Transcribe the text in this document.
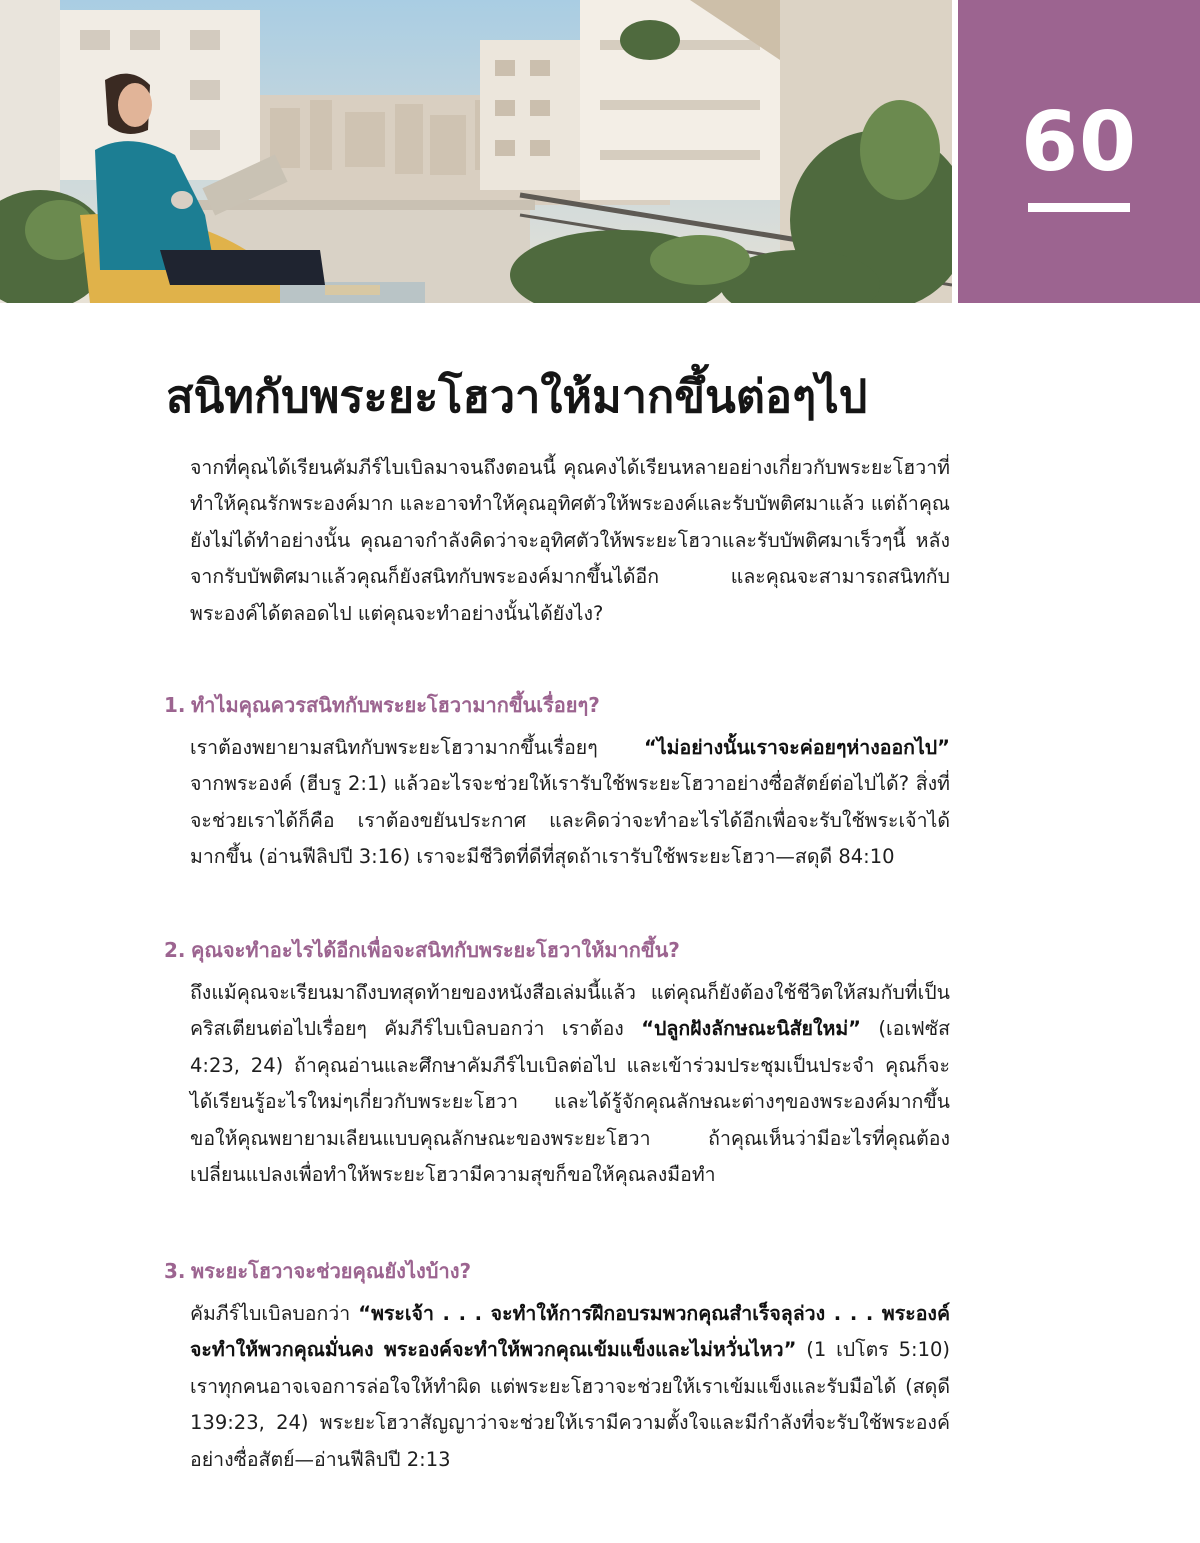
60
สนิทกับพระยะโฮวาให้มากขึ้นต่อๆไป

จากที่คุณได้เรียนคัมภีร์ไบเบิลมาจนถึงตอนนี้ คุณคงได้เรียนหลายอย่างเกี่ยวกับพระยะโฮวาที่ทำให้คุณรักพระองค์มาก และอาจทำให้คุณอุทิศตัวให้พระองค์และรับบัพติศมาแล้ว แต่ถ้าคุณยังไม่ได้ทำอย่างนั้น คุณอาจกำลังคิดว่าจะอุทิศตัวให้พระยะโฮวาและรับบัพติศมาเร็วๆนี้ หลังจากรับบัพติศมาแล้วคุณก็ยังสนิทกับพระองค์มากขึ้นได้อีก และคุณจะสามารถสนิทกับพระองค์ได้ตลอดไป แต่คุณจะทำอย่างนั้นได้ยังไง?

1. ทำไมคุณควรสนิทกับพระยะโฮวามากขึ้นเรื่อยๆ?

เราต้องพยายามสนิทกับพระยะโฮวามากขึ้นเรื่อยๆ “ไม่อย่างนั้นเราจะค่อยๆห่างออกไป” จากพระองค์ (ฮีบรู 2:1) แล้วอะไรจะช่วยให้เรารับใช้พระยะโฮวาอย่างซื่อสัตย์ต่อไปได้? สิ่งที่จะช่วยเราได้ก็คือ เราต้องขยันประกาศ และคิดว่าจะทำอะไรได้อีกเพื่อจะรับใช้พระเจ้าได้มากขึ้น (อ่านฟีลิปปี 3:16) เราจะมีชีวิตที่ดีที่สุดถ้าเรารับใช้พระยะโฮวา—สดุดี 84:10

2. คุณจะทำอะไรได้อีกเพื่อจะสนิทกับพระยะโฮวาให้มากขึ้น?

ถึงแม้คุณจะเรียนมาถึงบทสุดท้ายของหนังสือเล่มนี้แล้ว แต่คุณก็ยังต้องใช้ชีวิตให้สมกับที่เป็นคริสเตียนต่อไปเรื่อยๆ คัมภีร์ไบเบิลบอกว่า เราต้อง “ปลูกฝังลักษณะนิสัยใหม่” (เอเฟซัส 4:23, 24) ถ้าคุณอ่านและศึกษาคัมภีร์ไบเบิลต่อไป และเข้าร่วมประชุมเป็นประจำ คุณก็จะได้เรียนรู้อะไรใหม่ๆเกี่ยวกับพระยะโฮวา และได้รู้จักคุณลักษณะต่างๆของพระองค์มากขึ้น ขอให้คุณพยายามเลียนแบบคุณลักษณะของพระยะโฮวา ถ้าคุณเห็นว่ามีอะไรที่คุณต้องเปลี่ยนแปลงเพื่อทำให้พระยะโฮวามีความสุขก็ขอให้คุณลงมือทำ

3. พระยะโฮวาจะช่วยคุณยังไงบ้าง?

คัมภีร์ไบเบิลบอกว่า “พระเจ้า . . . จะทำให้การฝึกอบรมพวกคุณสำเร็จลุล่วง . . . พระองค์จะทำให้พวกคุณมั่นคง พระองค์จะทำให้พวกคุณเข้มแข็งและไม่หวั่นไหว” (1 เปโตร 5:10) เราทุกคนอาจเจอการล่อใจให้ทำผิด แต่พระยะโฮวาจะช่วยให้เราเข้มแข็งและรับมือได้ (สดุดี 139:23, 24) พระยะโฮวาสัญญาว่าจะช่วยให้เรามีความตั้งใจและมีกำลังที่จะรับใช้พระองค์อย่างซื่อสัตย์—อ่านฟีลิปปี 2:13
